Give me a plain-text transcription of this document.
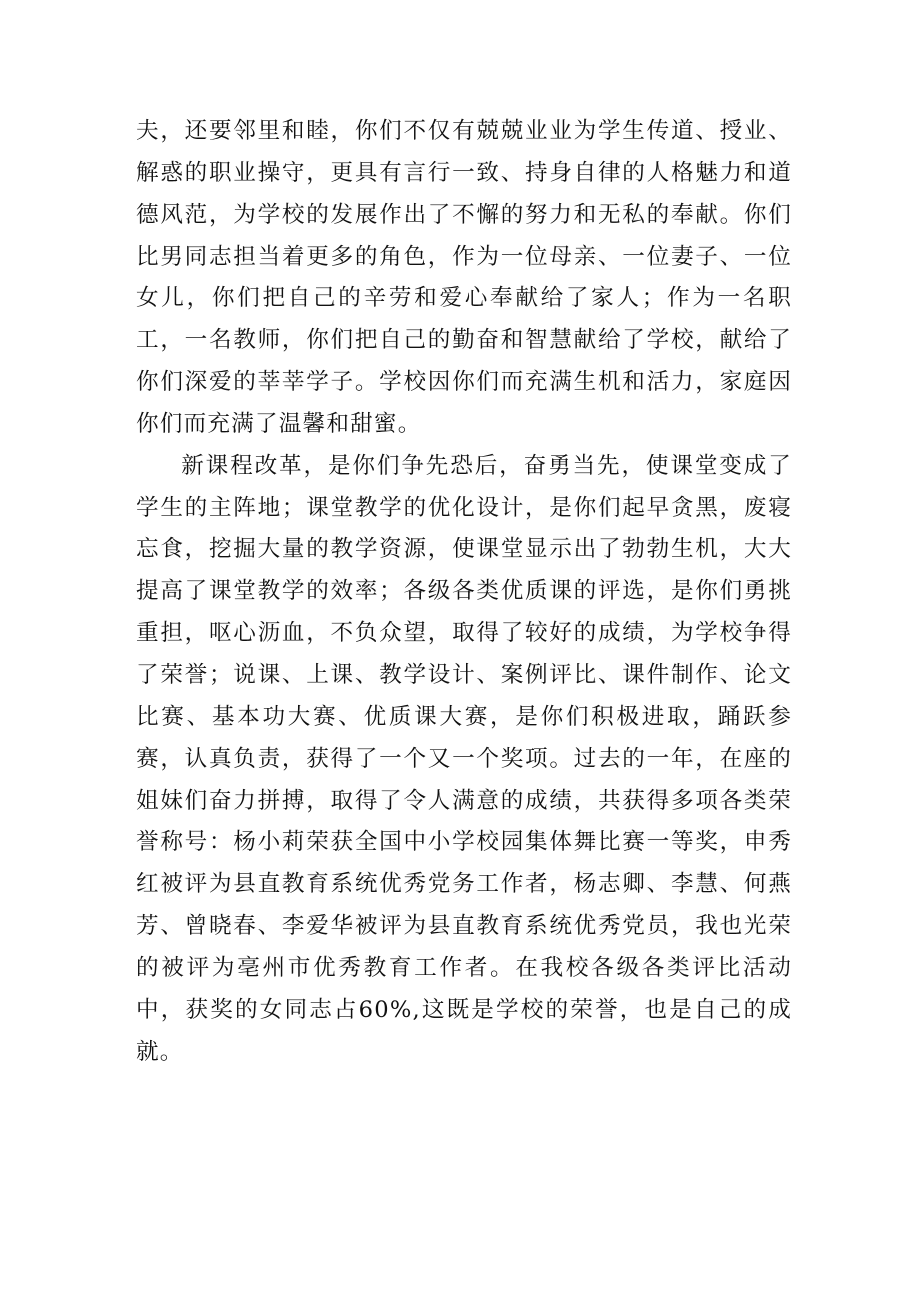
夫，还要邻里和睦，你们不仅有兢兢业业为学生传道、授业、解惑的职业操守，更具有言行一致、持身自律的人格魅力和道德风范，为学校的发展作出了不懈的努力和无私的奉献。你们比男同志担当着更多的角色，作为一位母亲、一位妻子、一位女儿，你们把自己的辛劳和爱心奉献给了家人；作为一名职工，一名教师，你们把自己的勤奋和智慧献给了学校，献给了你们深爱的莘莘学子。学校因你们而充满生机和活力，家庭因你们而充满了温馨和甜蜜。

新课程改革，是你们争先恐后，奋勇当先，使课堂变成了学生的主阵地；课堂教学的优化设计，是你们起早贪黑，废寝忘食，挖掘大量的教学资源，使课堂显示出了勃勃生机，大大提高了课堂教学的效率；各级各类优质课的评选，是你们勇挑重担，呕心沥血，不负众望，取得了较好的成绩，为学校争得了荣誉；说课、上课、教学设计、案例评比、课件制作、论文比赛、基本功大赛、优质课大赛，是你们积极进取，踊跃参赛，认真负责，获得了一个又一个奖项。过去的一年，在座的姐妹们奋力拼搏，取得了令人满意的成绩，共获得多项各类荣誉称号：杨小莉荣获全国中小学校园集体舞比赛一等奖，申秀红被评为县直教育系统优秀党务工作者，杨志卿、李慧、何燕芳、曾晓春、李爱华被评为县直教育系统优秀党员，我也光荣的被评为亳州市优秀教育工作者。在我校各级各类评比活动中，获奖的女同志占60%,这既是学校的荣誉，也是自己的成就。
